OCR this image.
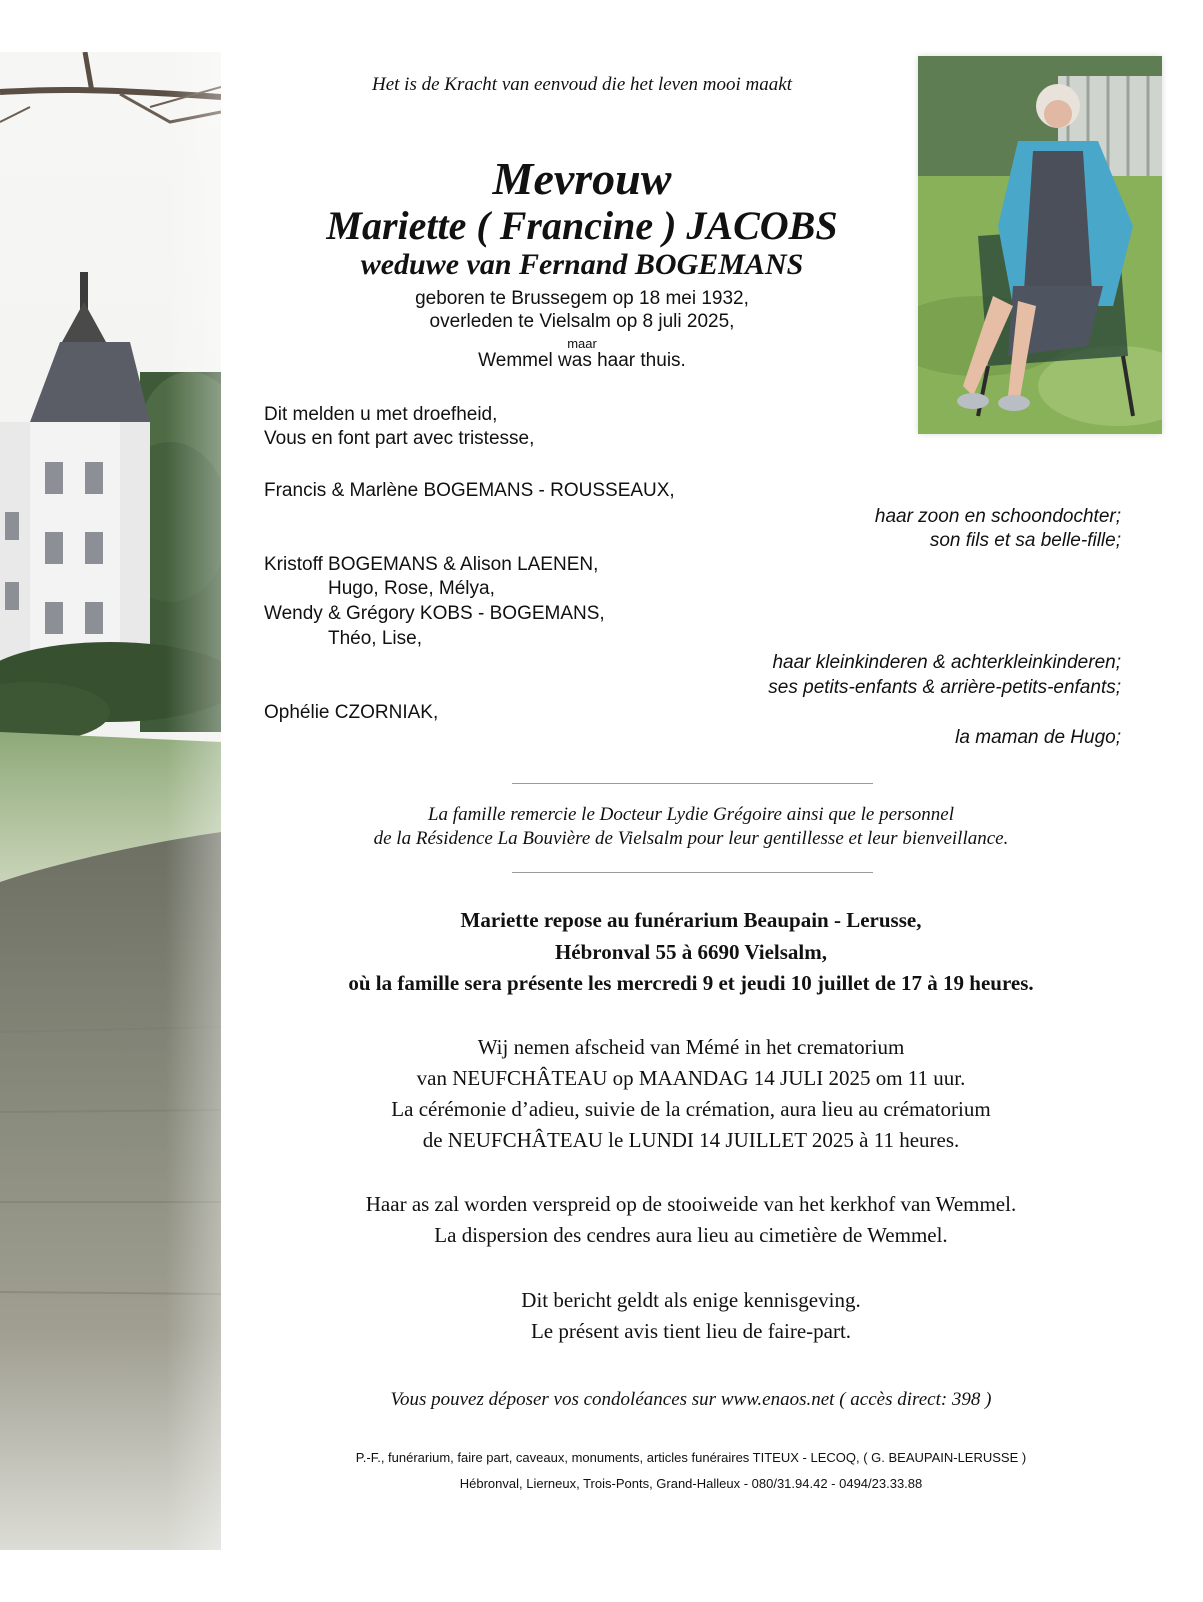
Het is de Kracht van eenvoud die het leven mooi maakt
Mevrouw
Mariette ( Francine ) JACOBS
weduwe van Fernand BOGEMANS
geboren te Brussegem op 18 mei 1932,
overleden te Vielsalm op 8 juli 2025,
maar
Wemmel was haar thuis.
Dit melden u met droefheid,
Vous en font part avec tristesse,
Francis & Marlène BOGEMANS - ROUSSEAUX,
haar zoon en schoondochter;
son fils et sa belle-fille;
Kristoff BOGEMANS & Alison LAENEN,
Hugo, Rose, Mélya,
Wendy & Grégory KOBS - BOGEMANS,
Théo, Lise,
haar kleinkinderen & achterkleinkinderen;
ses petits-enfants & arrière-petits-enfants;
Ophélie CZORNIAK,
la maman de Hugo;
La famille remercie le Docteur Lydie Grégoire ainsi que le personnel
de la Résidence La Bouvière de Vielsalm pour leur gentillesse et leur bienveillance.
Mariette repose au funérarium Beaupain - Lerusse,
Hébronval 55 à 6690 Vielsalm,
où la famille sera présente les mercredi 9 et jeudi 10 juillet de 17 à 19 heures.
Wij nemen afscheid van Mémé in het crematorium
van NEUFCHÂTEAU op MAANDAG 14 JULI 2025 om 11 uur.
La cérémonie d’adieu, suivie de la crémation, aura lieu au crématorium
de NEUFCHÂTEAU le LUNDI 14 JUILLET 2025 à 11 heures.
Haar as zal worden verspreid op de stooiweide van het kerkhof van Wemmel.
La dispersion des cendres aura lieu au cimetière de Wemmel.
Dit bericht geldt als enige kennisgeving.
Le présent avis tient lieu de faire-part.
Vous pouvez déposer vos condoléances sur www.enaos.net ( accès direct: 398 )
P.-F., funérarium, faire part, caveaux, monuments, articles funéraires TITEUX - LECOQ, ( G. BEAUPAIN-LERUSSE )
Hébronval, Lierneux, Trois-Ponts, Grand-Halleux - 080/31.94.42 - 0494/23.33.88
